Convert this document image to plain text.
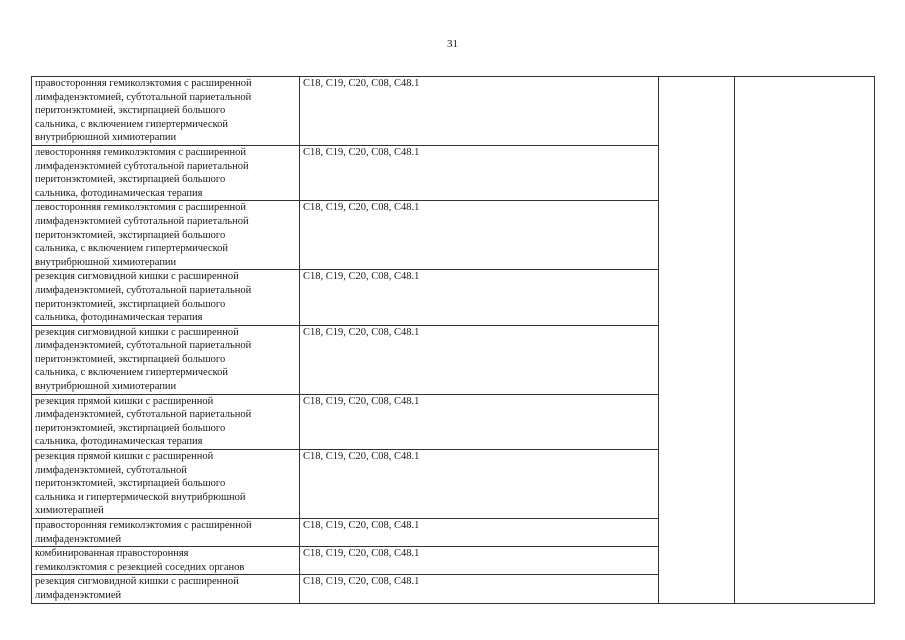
31
правосторонняя гемиколэктомия с расширенной
лимфаденэктомией, субтотальной париетальной
перитонэктомией, экстирпацией большого
сальника, с включением гипертермической
внутрибрюшной химиотерапии	C18, C19, C20, C08, C48.1		

левосторонняя гемиколэктомия с расширенной
лимфаденэктомией субтотальной париетальной
перитонэктомией, экстирпацией большого
сальника, фотодинамическая терапия	C18, C19, C20, C08, C48.1		

левосторонняя гемиколэктомия с расширенной
лимфаденэктомией субтотальной париетальной
перитонэктомией, экстирпацией большого
сальника, с включением гипертермической
внутрибрюшной химиотерапии	C18, C19, C20, C08, C48.1		

резекция сигмовидной кишки с расширенной
лимфаденэктомией, субтотальной париетальной
перитонэктомией, экстирпацией большого
сальника, фотодинамическая терапия	C18, C19, C20, C08, C48.1		

резекция сигмовидной кишки с расширенной
лимфаденэктомией, субтотальной париетальной
перитонэктомией, экстирпацией большого
сальника, с включением гипертермической
внутрибрюшной химиотерапии	C18, C19, C20, C08, C48.1		

резекция прямой кишки с расширенной
лимфаденэктомией, субтотальной париетальной
перитонэктомией, экстирпацией большого
сальника, фотодинамическая терапия	C18, C19, C20, C08, C48.1		

резекция прямой кишки с расширенной
лимфаденэктомией, субтотальной
перитонэктомией, экстирпацией большого
сальника и гипертермической внутрибрюшной
химиотерапией	C18, C19, C20, C08, C48.1		

правосторонняя гемиколэктомия с расширенной
лимфаденэктомией	C18, C19, C20, C08, C48.1		

комбинированная правосторонняя
гемиколэктомия с резекцией соседних органов	C18, C19, C20, C08, C48.1		

резекция сигмовидной кишки с расширенной
лимфаденэктомией	C18, C19, C20, C08, C48.1		
